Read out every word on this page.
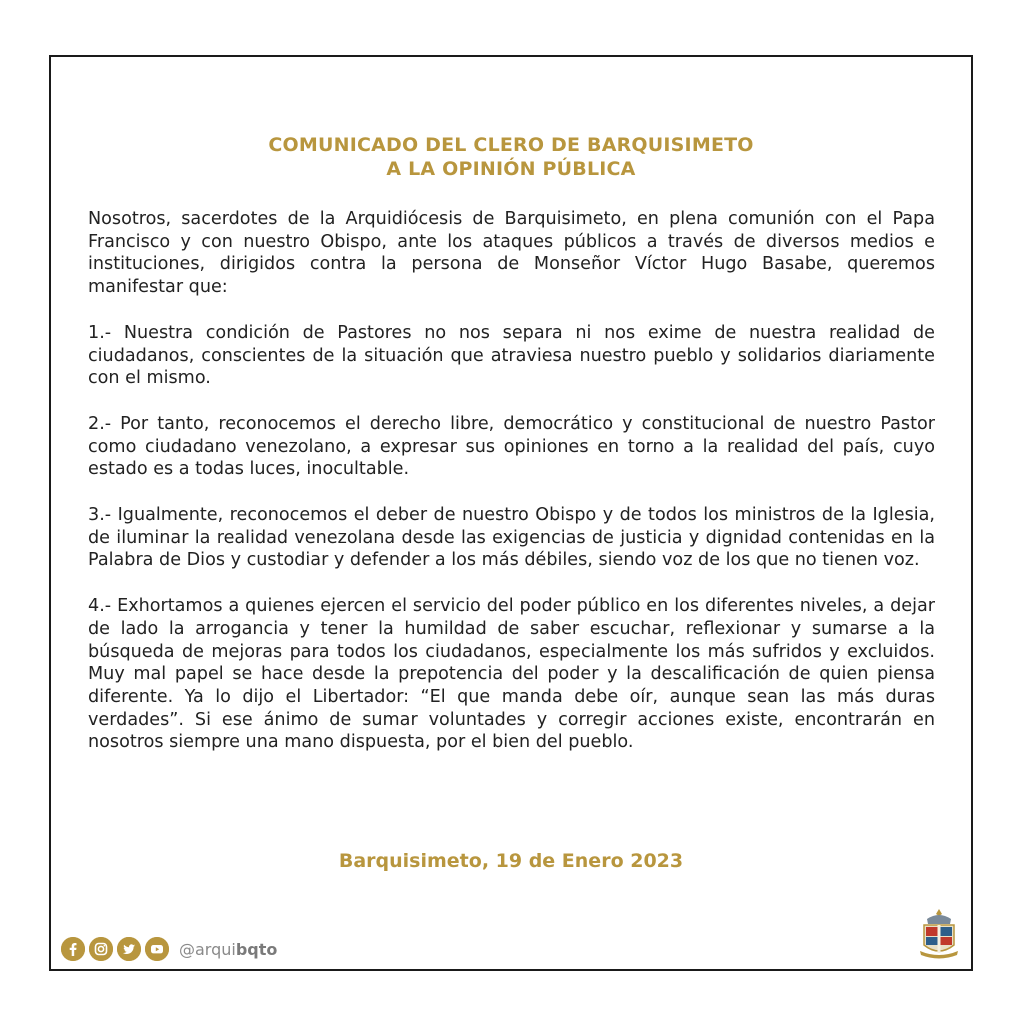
COMUNICADO DEL CLERO DE BARQUISIMETO
A LA OPINIÓN PÚBLICA

Nosotros, sacerdotes de la Arquidiócesis de Barquisimeto, en plena comunión con el Papa Francisco y con nuestro Obispo, ante los ataques públicos a través de diversos medios e instituciones, dirigidos contra la persona de Monseñor Víctor Hugo Basabe, queremos manifestar que:

1.- Nuestra condición de Pastores no nos separa ni nos exime de nuestra realidad de ciudadanos, conscientes de la situación que atraviesa nuestro pueblo y solidarios diariamente con el mismo.

2.- Por tanto, reconocemos el derecho libre, democrático y constitucional de nuestro Pastor como ciudadano venezolano, a expresar sus opiniones en torno a la realidad del país, cuyo estado es a todas luces, inocultable.

3.- Igualmente, reconocemos el deber de nuestro Obispo y de todos los ministros de la Iglesia, de iluminar la realidad venezolana desde las exigencias de justicia y dignidad contenidas en la Palabra de Dios y custodiar y defender a los más débiles, siendo voz de los que no tienen voz.

4.- Exhortamos a quienes ejercen el servicio del poder público en los diferentes niveles, a dejar de lado la arrogancia y tener la humildad de saber escuchar, reflexionar y sumarse a la búsqueda de mejoras para todos los ciudadanos, especialmente los más sufridos y excluidos. Muy mal papel se hace desde la prepotencia del poder y la descalificación de quien piensa diferente. Ya lo dijo el Libertador: “El que manda debe oír, aunque sean las más duras verdades”. Si ese ánimo de sumar voluntades y corregir acciones existe, encontrarán en nosotros siempre una mano dispuesta, por el bien del pueblo.

Barquisimeto, 19 de Enero 2023
@arquibqto
